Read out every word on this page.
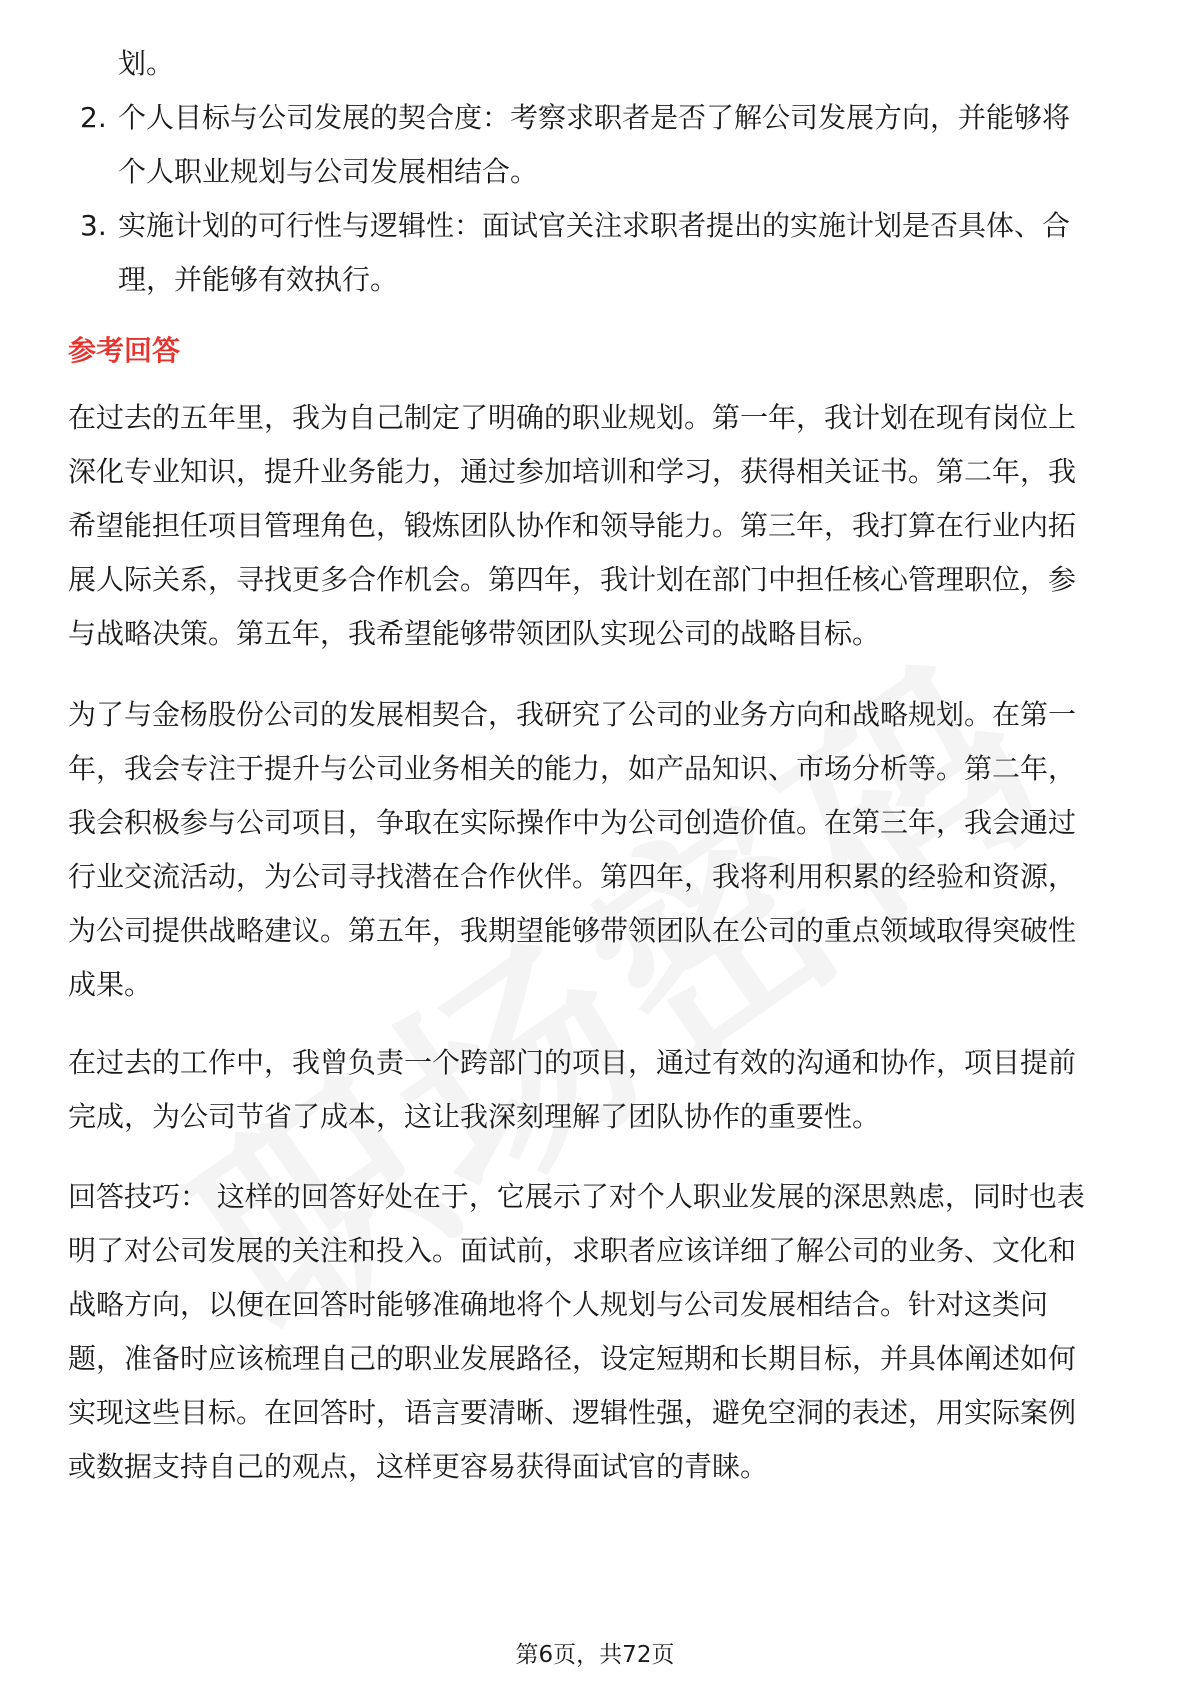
划。
2. 个人目标与公司发展的契合度：考察求职者是否了解公司发展方向，并能够将
个人职业规划与公司发展相结合。
3. 实施计划的可行性与逻辑性：面试官关注求职者提出的实施计划是否具体、合
理，并能够有效执行。
参考回答
在过去的五年里，我为自己制定了明确的职业规划。第一年，我计划在现有岗位上
深化专业知识，提升业务能力，通过参加培训和学习，获得相关证书。第二年，我
希望能担任项目管理角色，锻炼团队协作和领导能力。第三年，我打算在行业内拓
展人际关系，寻找更多合作机会。第四年，我计划在部门中担任核心管理职位，参
与战略决策。第五年，我希望能够带领团队实现公司的战略目标。
为了与金杨股份公司的发展相契合，我研究了公司的业务方向和战略规划。在第一
年，我会专注于提升与公司业务相关的能力，如产品知识、市场分析等。第二年，
我会积极参与公司项目，争取在实际操作中为公司创造价值。在第三年，我会通过
行业交流活动，为公司寻找潜在合作伙伴。第四年，我将利用积累的经验和资源，
为公司提供战略建议。第五年，我期望能够带领团队在公司的重点领域取得突破性
成果。
在过去的工作中，我曾负责一个跨部门的项目，通过有效的沟通和协作，项目提前
完成，为公司节省了成本，这让我深刻理解了团队协作的重要性。
回答技巧： 这样的回答好处在于，它展示了对个人职业发展的深思熟虑，同时也表
明了对公司发展的关注和投入。面试前，求职者应该详细了解公司的业务、文化和
战略方向，以便在回答时能够准确地将个人规划与公司发展相结合。针对这类问
题，准备时应该梳理自己的职业发展路径，设定短期和长期目标，并具体阐述如何
实现这些目标。在回答时，语言要清晰、逻辑性强，避免空洞的表述，用实际案例
或数据支持自己的观点，这样更容易获得面试官的青睐。
第6页，共72页
